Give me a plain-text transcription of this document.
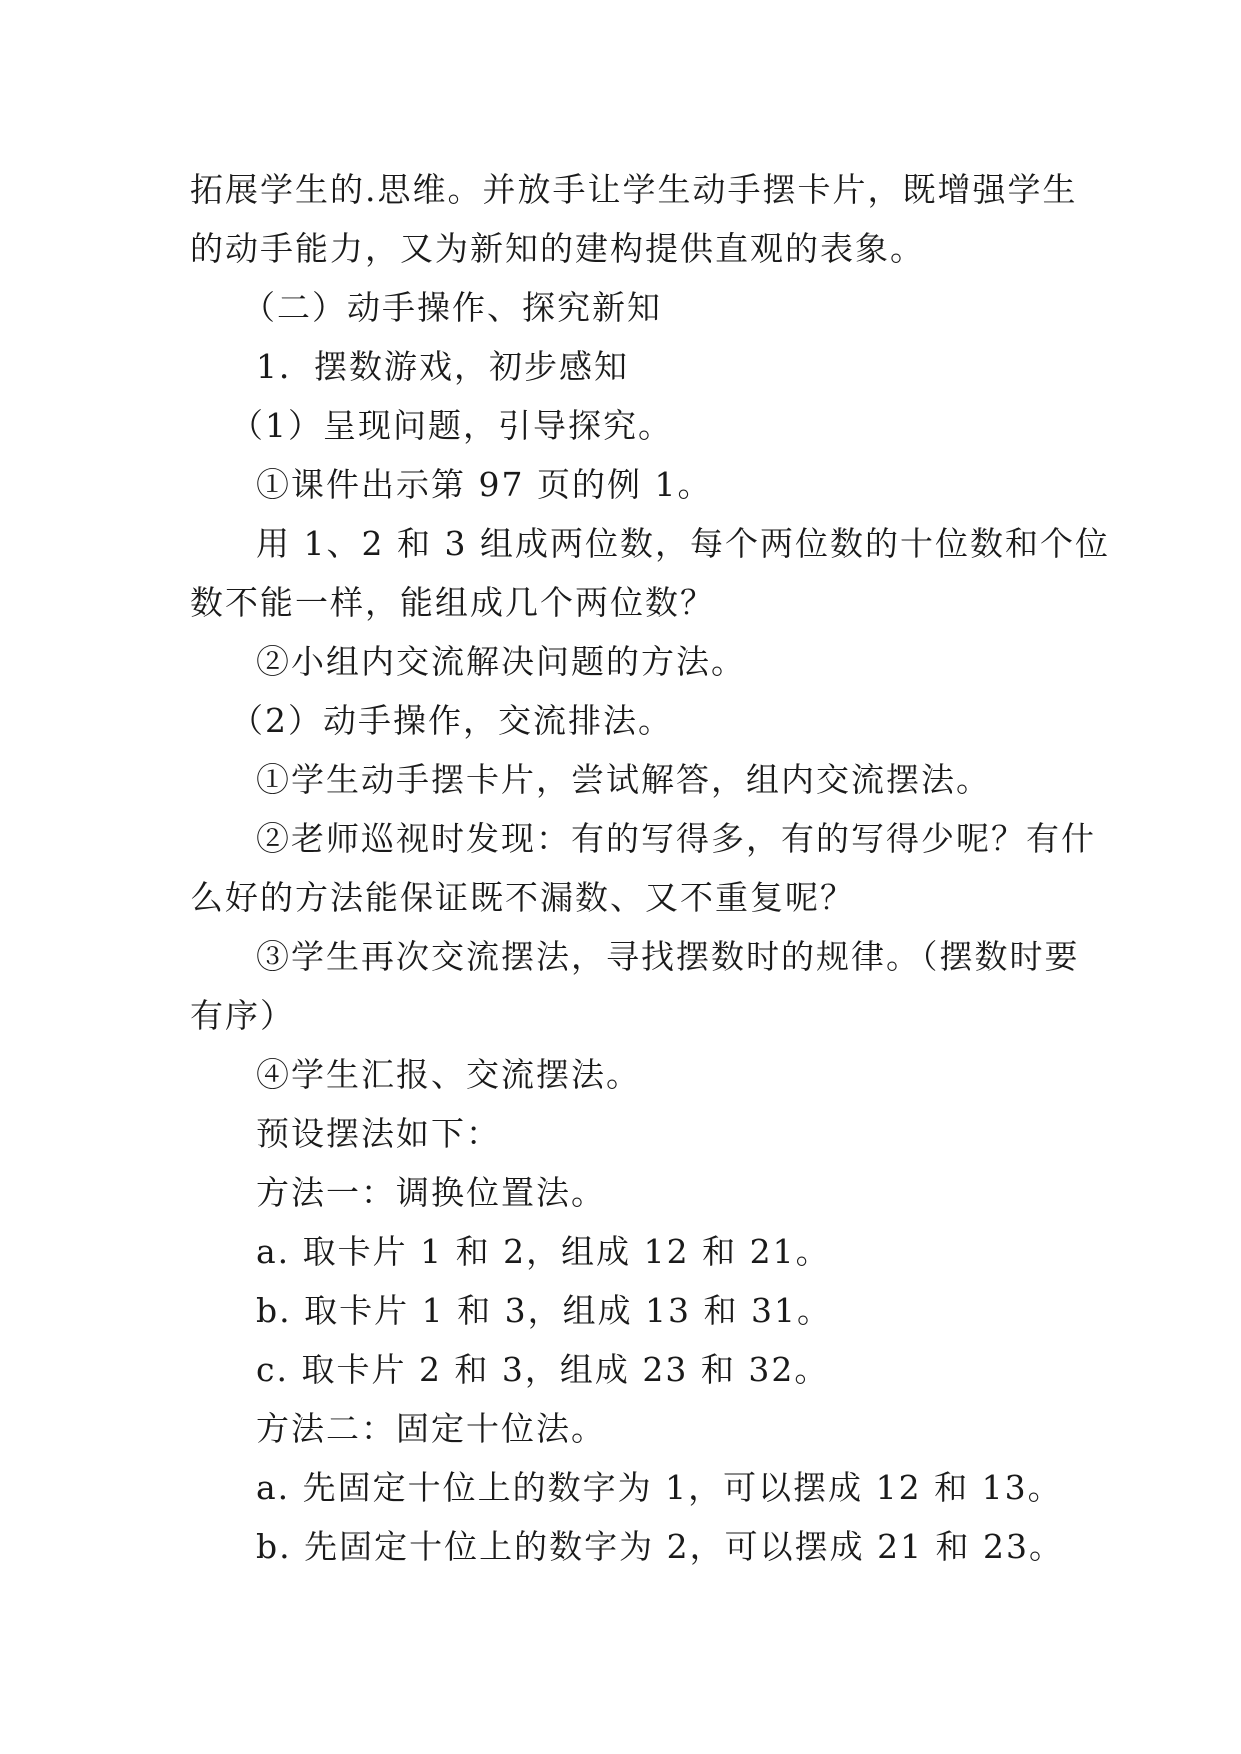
拓展学生的.思维。并放手让学生动手摆卡片，既增强学生
的动手能力，又为新知的建构提供直观的表象。
（二）动手操作、探究新知
1．摆数游戏，初步感知
（1）呈现问题，引导探究。
①课件出示第 97 页的例 1。
用 1、2 和 3 组成两位数，每个两位数的十位数和个位
数不能一样，能组成几个两位数？
②小组内交流解决问题的方法。
（2）动手操作，交流排法。
①学生动手摆卡片，尝试解答，组内交流摆法。
②老师巡视时发现：有的写得多，有的写得少呢？有什
么好的方法能保证既不漏数、又不重复呢？
③学生再次交流摆法，寻找摆数时的规律。（摆数时要
有序）
④学生汇报、交流摆法。
预设摆法如下：
方法一：调换位置法。
a. 取卡片 1 和 2，组成 12 和 21。
b. 取卡片 1 和 3，组成 13 和 31。
c. 取卡片 2 和 3，组成 23 和 32。
方法二：固定十位法。
a. 先固定十位上的数字为 1，可以摆成 12 和 13。
b. 先固定十位上的数字为 2，可以摆成 21 和 23。
